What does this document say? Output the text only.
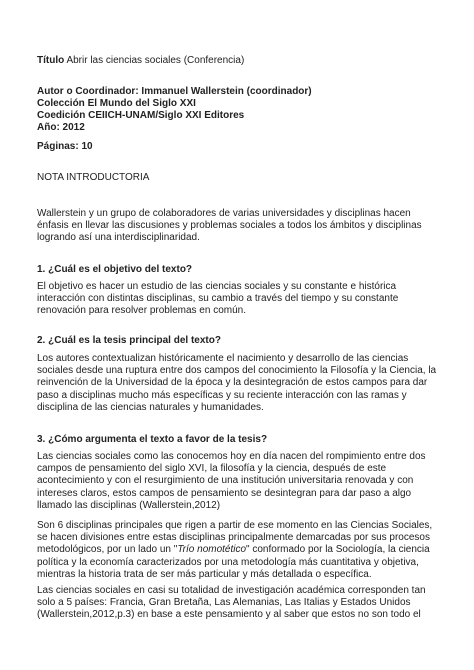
Título Abrir las ciencias sociales (Conferencia)
Autor o Coordinador: Immanuel Wallerstein (coordinador)
Colección El Mundo del Siglo XXI
Coedición CEIICH-UNAM/Siglo XXI Editores
Año: 2012
Páginas: 10
NOTA INTRODUCTORIA

Wallerstein y un grupo de colaboradores de varias universidades y disciplinas hacen énfasis en llevar las discusiones y problemas sociales a todos los ámbitos y disciplinas logrando así una interdisciplinaridad.

1. ¿Cuál es el objetivo del texto?

El objetivo es hacer un estudio de las ciencias sociales y su constante e histórica interacción con distintas disciplinas, su cambio a través del tiempo y su constante renovación para resolver problemas en común.

2. ¿Cuál es la tesis principal del texto?

Los autores contextualizan históricamente el nacimiento y desarrollo de las ciencias sociales desde una ruptura entre dos campos del conocimiento la Filosofía y la Ciencia, la reinvención de la Universidad de la época y la desintegración de estos campos para dar paso a disciplinas mucho más específicas y su reciente interacción con las ramas y disciplina de las ciencias naturales y humanidades.

3. ¿Cómo argumenta el texto a favor de la tesis?

Las ciencias sociales como las conocemos hoy en día nacen del rompimiento entre dos campos de pensamiento del siglo XVI, la filosofía y la ciencia, después de este acontecimiento y con el resurgimiento de una institución universitaria renovada y con intereses claros, estos campos de pensamiento se desintegran para dar paso a algo llamado las disciplinas (Wallerstein,2012)

Son 6 disciplinas principales que rigen a partir de ese momento en las Ciencias Sociales, se hacen divisiones entre estas disciplinas principalmente demarcadas por sus procesos metodológicos, por un lado un "Trío nomotético" conformado por la Sociología, la ciencia política y la economía caracterizados por una metodología más cuantitativa y objetiva, mientras la historia trata de ser más particular y más detallada o específica.

Las ciencias sociales en casi su totalidad de investigación académica corresponden tan solo a 5 países: Francia, Gran Bretaña, Las Alemanias, Las Italias y Estados Unidos (Wallerstein,2012,p.3) en base a este pensamiento y al saber que estos no son todo el
